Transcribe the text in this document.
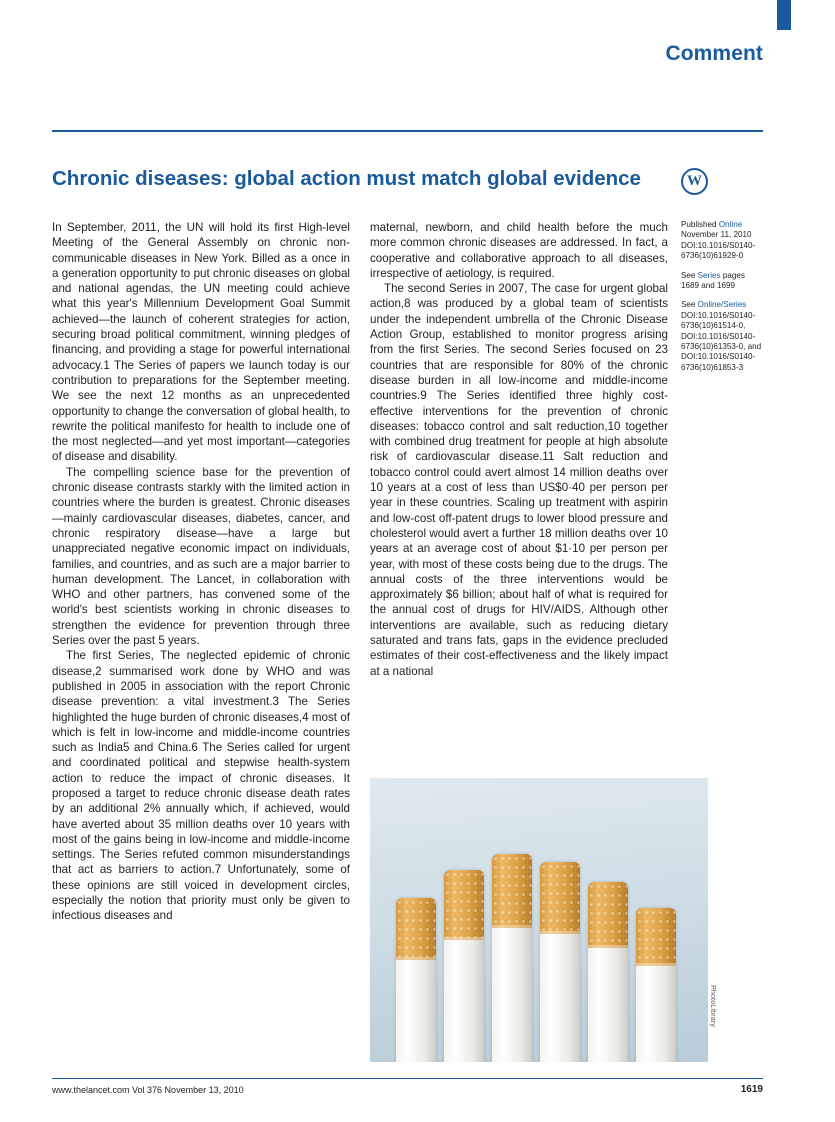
Comment
Chronic diseases: global action must match global evidence	W

In September, 2011, the UN will hold its first High-level Meeting of the General Assembly on chronic non-communicable diseases in New York. Billed as a once in a generation opportunity to put chronic diseases on global and national agendas, the UN meeting could achieve what this year's Millennium Development Goal Summit achieved—the launch of coherent strategies for action, securing broad political commitment, winning pledges of financing, and providing a stage for powerful international advocacy.1 The Series of papers we launch today is our contribution to preparations for the September meeting. We see the next 12 months as an unprecedented opportunity to change the conversation of global health, to rewrite the political manifesto for health to include one of the most neglected—and yet most important—categories of disease and disability.

The compelling science base for the prevention of chronic disease contrasts starkly with the limited action in countries where the burden is greatest. Chronic diseases—mainly cardiovascular diseases, diabetes, cancer, and chronic respiratory disease—have a large but unappreciated negative economic impact on individuals, families, and countries, and as such are a major barrier to human development. The Lancet, in collaboration with WHO and other partners, has convened some of the world's best scientists working in chronic diseases to strengthen the evidence for prevention through three Series over the past 5 years.

The first Series, The neglected epidemic of chronic disease,2 summarised work done by WHO and was published in 2005 in association with the report Chronic disease prevention: a vital investment.3 The Series highlighted the huge burden of chronic diseases,4 most of which is felt in low-income and middle-income countries such as India5 and China.6 The Series called for urgent and coordinated political and stepwise health-system action to reduce the impact of chronic diseases. It proposed a target to reduce chronic disease death rates by an additional 2% annually which, if achieved, would have averted about 35 million deaths over 10 years with most of the gains being in low-income and middle-income settings. The Series refuted common misunderstandings that act as barriers to action.7 Unfortunately, some of these opinions are still voiced in development circles, especially the notion that priority must only be given to infectious diseases and

maternal, newborn, and child health before the much more common chronic diseases are addressed. In fact, a cooperative and collaborative approach to all diseases, irrespective of aetiology, is required.

The second Series in 2007, The case for urgent global action,8 was produced by a global team of scientists under the independent umbrella of the Chronic Disease Action Group, established to monitor progress arising from the first Series. The second Series focused on 23 countries that are responsible for 80% of the chronic disease burden in all low-income and middle-income countries.9 The Series identified three highly cost-effective interventions for the prevention of chronic diseases: tobacco control and salt reduction,10 together with combined drug treatment for people at high absolute risk of cardiovascular disease.11 Salt reduction and tobacco control could avert almost 14 million deaths over 10 years at a cost of less than US$0·40 per person per year in these countries. Scaling up treatment with aspirin and low-cost off-patent drugs to lower blood pressure and cholesterol would avert a further 18 million deaths over 10 years at an average cost of about $1·10 per person per year, with most of these costs being due to the drugs. The annual costs of the three interventions would be approximately $6 billion; about half of what is required for the annual cost of drugs for HIV/AIDS. Although other interventions are available, such as reducing dietary saturated and trans fats, gaps in the evidence precluded estimates of their cost-effectiveness and the likely impact at a national

Published Online
November 11, 2010
DOI:10.1016/S0140-
6736(10)61929-0
See Series pages 1689 and 1699
See Online/Series
DOI:10.1016/S0140-
6736(10)61514-0,
DOI:10.1016/S0140-
6736(10)61353-0, and
DOI:10.1016/S0140-
6736(10)61853-3
PhotoLibrary
www.thelancet.com Vol 376 November 13, 2010	1619
